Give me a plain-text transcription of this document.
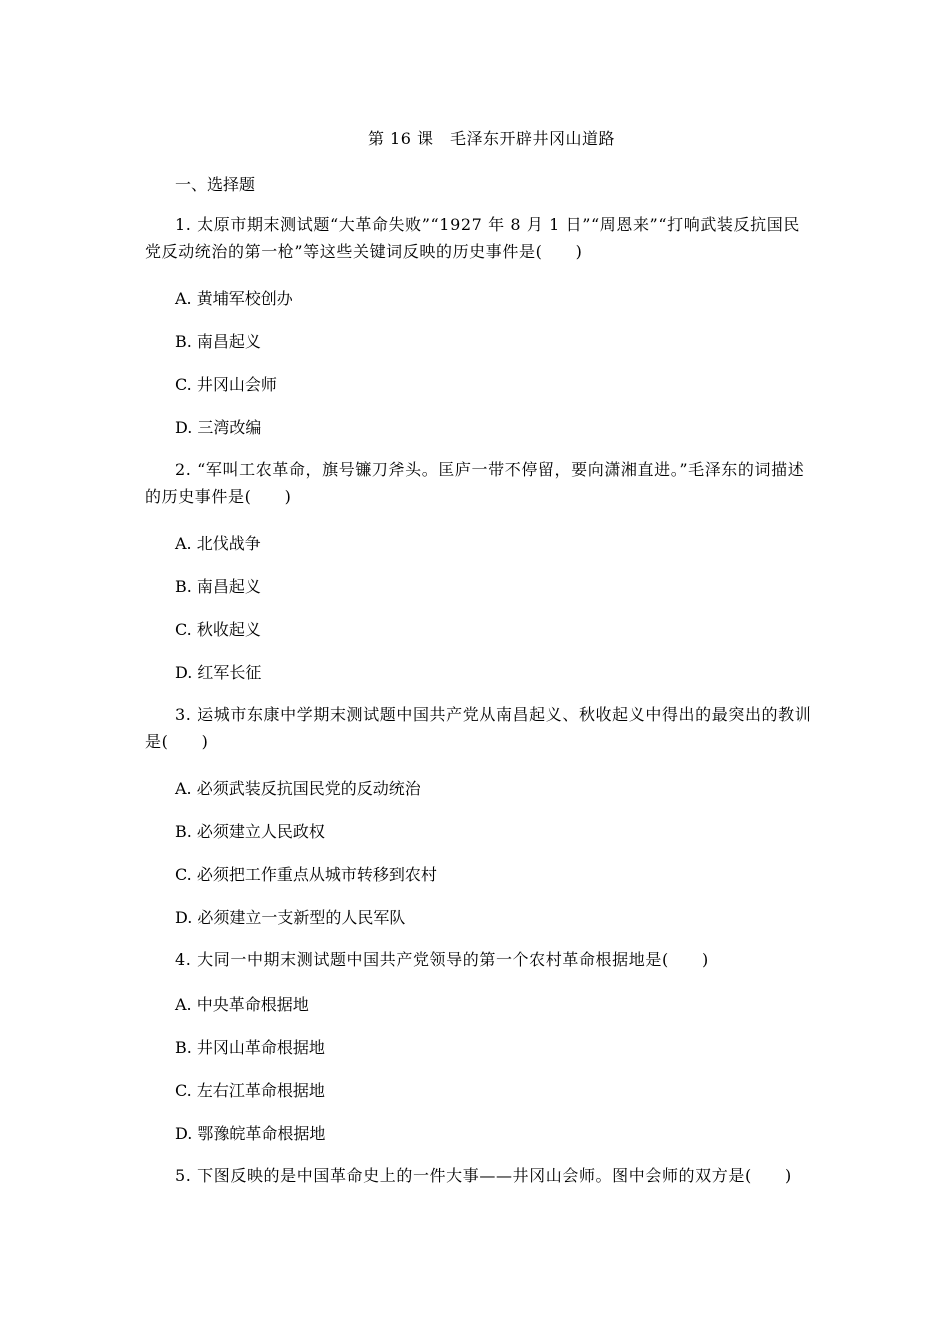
第 16 课　毛泽东开辟井冈山道路
一、选择题

1. 太原市期末测试题“大革命失败”“1927 年 8 月 1 日”“周恩来”“打响武装反抗国民党反动统治的第一枪”等这些关键词反映的历史事件是(　　)

A. 黄埔军校创办
B. 南昌起义
C. 井冈山会师
D. 三湾改编

2. “军叫工农革命，旗号镰刀斧头。匡庐一带不停留，要向潇湘直进。”毛泽东的词描述的历史事件是(　　)

A. 北伐战争
B. 南昌起义
C. 秋收起义
D. 红军长征

3. 运城市东康中学期末测试题中国共产党从南昌起义、秋收起义中得出的最突出的教训是(　　)

A. 必须武装反抗国民党的反动统治
B. 必须建立人民政权
C. 必须把工作重点从城市转移到农村
D. 必须建立一支新型的人民军队

4. 大同一中期末测试题中国共产党领导的第一个农村革命根据地是(　　)

A. 中央革命根据地
B. 井冈山革命根据地
C. 左右江革命根据地
D. 鄂豫皖革命根据地

5. 下图反映的是中国革命史上的一件大事——井冈山会师。图中会师的双方是(　　)
